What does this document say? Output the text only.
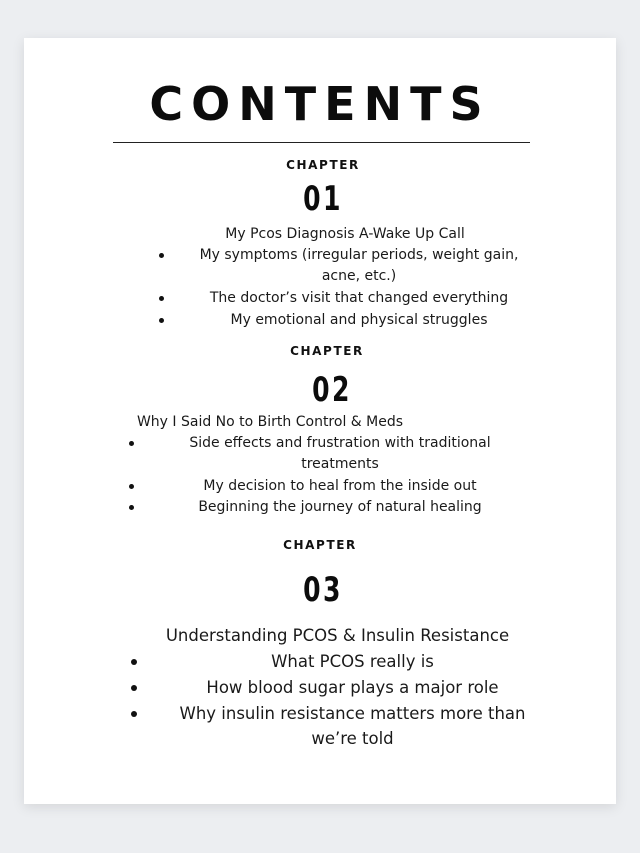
CONTENTS
CHAPTER
01
My Pcos Diagnosis A-Wake Up Call
My symptoms (irregular periods, weight gain,
acne, etc.)
The doctor’s visit that changed everything
My emotional and physical struggles
CHAPTER
02
Why I Said No to Birth Control & Meds
Side effects and frustration with traditional
treatments
My decision to heal from the inside out
Beginning the journey of natural healing
CHAPTER
03
Understanding PCOS & Insulin Resistance
What PCOS really is
How blood sugar plays a major role
Why insulin resistance matters more than
we’re told
